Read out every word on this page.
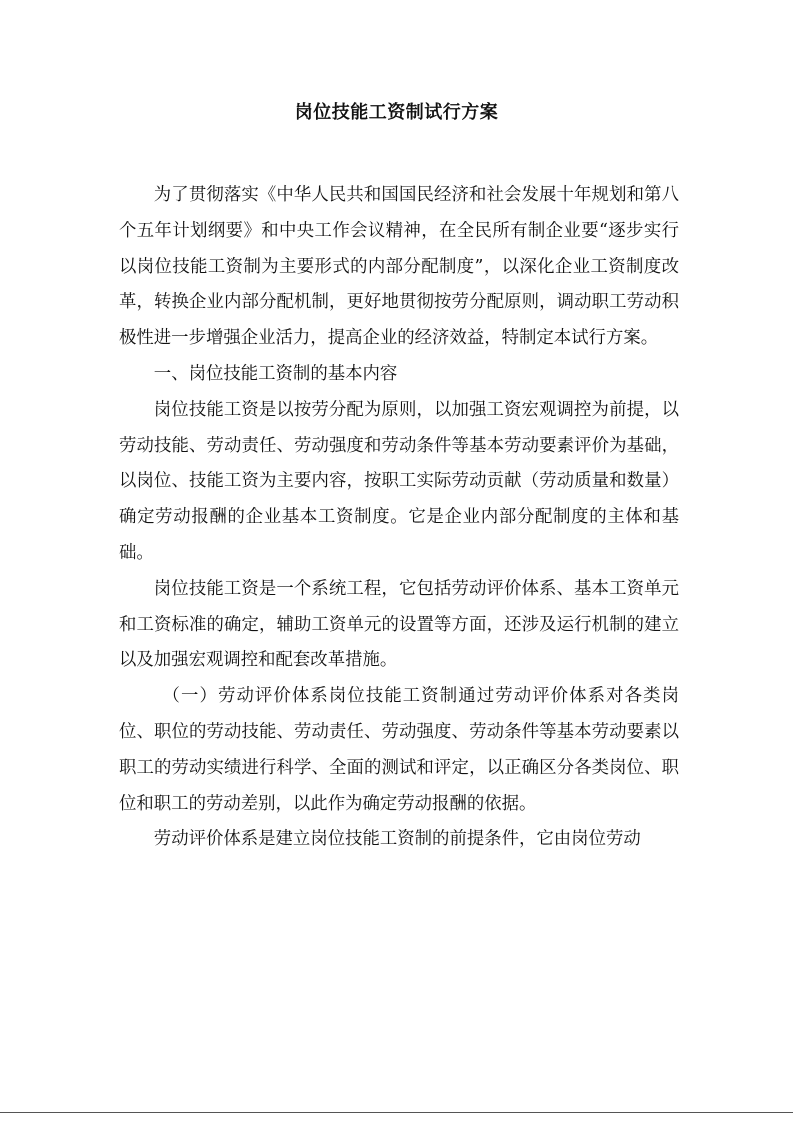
岗位技能工资制试行方案

为了贯彻落实《中华人民共和国国民经济和社会发展十年规划和第八个五年计划纲要》和中央工作会议精神，在全民所有制企业要“逐步实行以岗位技能工资制为主要形式的内部分配制度”，以深化企业工资制度改革，转换企业内部分配机制，更好地贯彻按劳分配原则，调动职工劳动积极性进一步增强企业活力，提高企业的经济效益，特制定本试行方案。

一、岗位技能工资制的基本内容

岗位技能工资是以按劳分配为原则，以加强工资宏观调控为前提，以劳动技能、劳动责任、劳动强度和劳动条件等基本劳动要素评价为基础，以岗位、技能工资为主要内容，按职工实际劳动贡献（劳动质量和数量）确定劳动报酬的企业基本工资制度。它是企业内部分配制度的主体和基础。

岗位技能工资是一个系统工程，它包括劳动评价体系、基本工资单元和工资标准的确定，辅助工资单元的设置等方面，还涉及运行机制的建立以及加强宏观调控和配套改革措施。

（一）劳动评价体系岗位技能工资制通过劳动评价体系对各类岗位、职位的劳动技能、劳动责任、劳动强度、劳动条件等基本劳动要素以职工的劳动实绩进行科学、全面的测试和评定，以正确区分各类岗位、职位和职工的劳动差别，以此作为确定劳动报酬的依据。

劳动评价体系是建立岗位技能工资制的前提条件，它由岗位劳动
